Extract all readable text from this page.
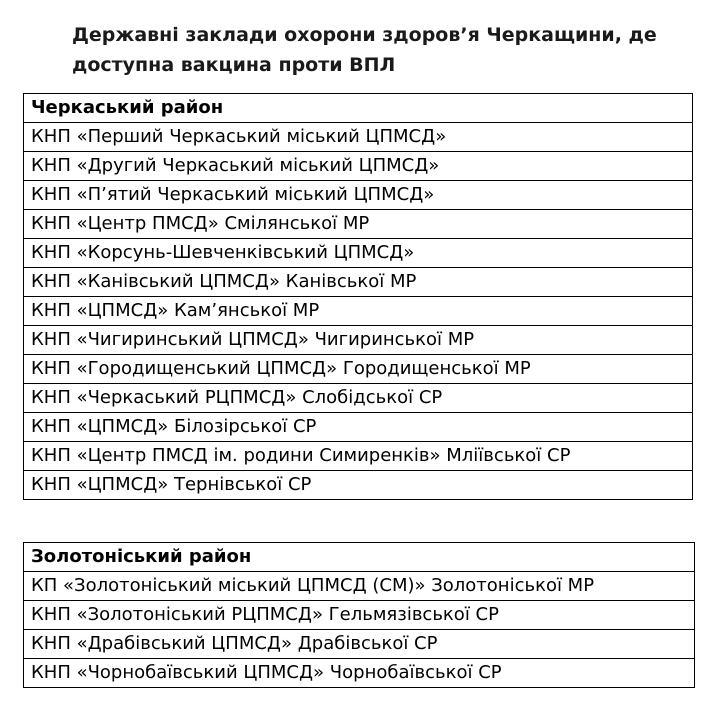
Державні заклади охорони здоров’я Черкащини, де
доступна вакцина проти ВПЛ
Черкаський район
КНП «Перший Черкаський міський ЦПМСД»
КНП «Другий Черкаський міський ЦПМСД»
КНП «П’ятий Черкаський міський ЦПМСД»
КНП «Центр ПМСД» Смілянської МР
КНП «Корсунь-Шевченківський ЦПМСД»
КНП «Канівський ЦПМСД» Канівської МР
КНП «ЦПМСД» Кам’янської МР
КНП «Чигиринський ЦПМСД» Чигиринської МР
КНП «Городищенський ЦПМСД» Городищенської МР
КНП «Черкаський РЦПМСД» Слобідської СР
КНП «ЦПМСД» Білозірської СР
КНП «Центр ПМСД ім. родини Симиренків» Мліївської СР
КНП «ЦПМСД» Тернівської СР
Золотоніський район
КП «Золотоніський міський ЦПМСД (СМ)» Золотоніської МР
КНП «Золотоніський РЦПМСД» Гельмязівської СР
КНП «Драбівський ЦПМСД» Драбівської СР
КНП «Чорнобаївський ЦПМСД» Чорнобаївської СР
